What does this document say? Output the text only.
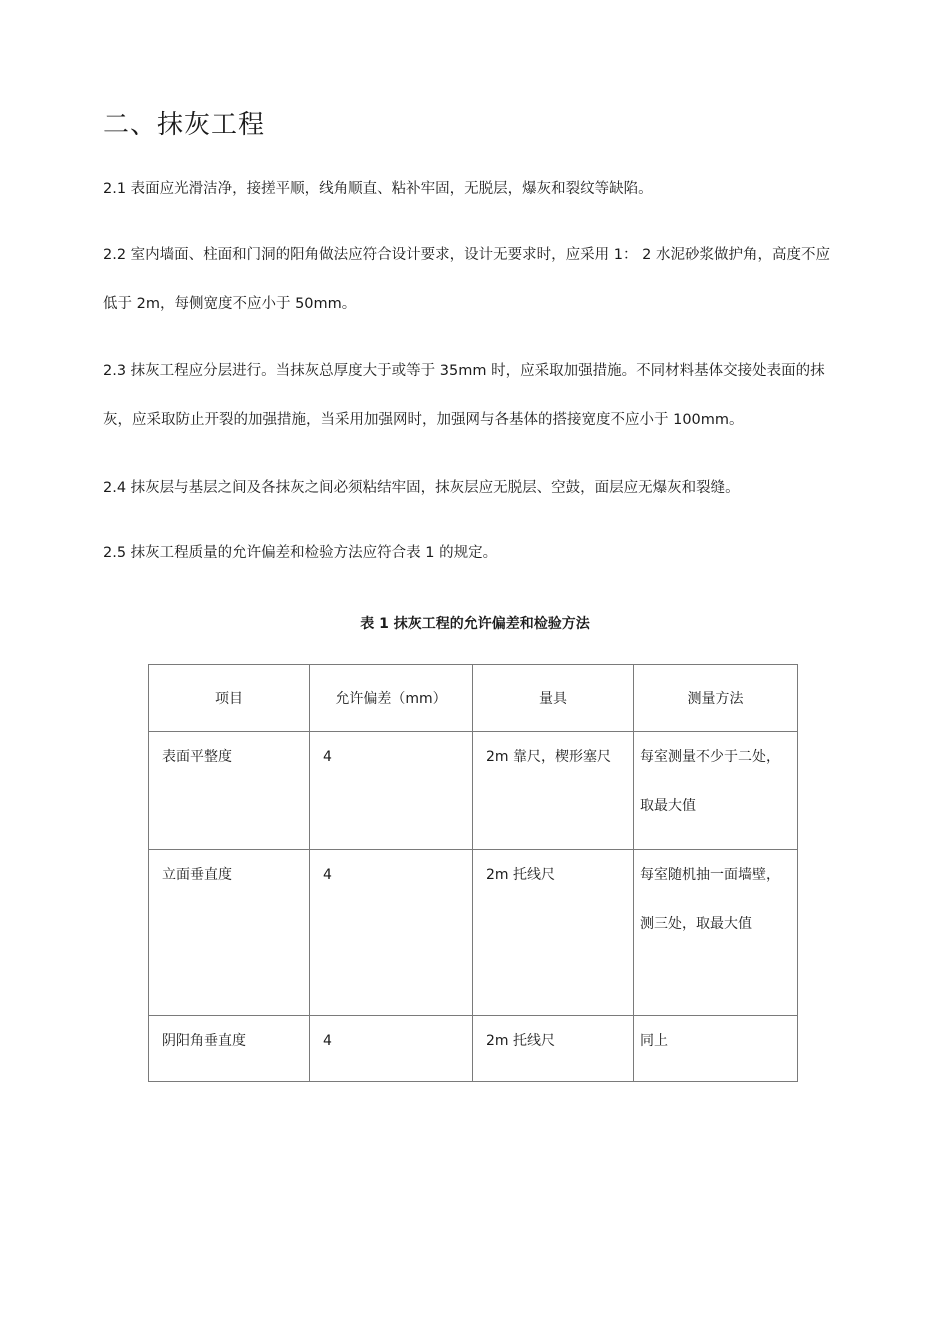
二、抹灰工程

2.1 表面应光滑洁净，接搓平顺，线角顺直、粘补牢固，无脱层，爆灰和裂纹等缺陷。

2.2 室内墙面、柱面和门洞的阳角做法应符合设计要求，设计无要求时，应采用 1： 2 水泥砂浆做护角，高度不应低于 2m，每侧宽度不应小于 50mm。

2.3 抹灰工程应分层进行。当抹灰总厚度大于或等于 35mm 时，应采取加强措施。不同材料基体交接处表面的抹灰，应采取防止开裂的加强措施，当采用加强网时，加强网与各基体的搭接宽度不应小于 100mm。

2.4 抹灰层与基层之间及各抹灰之间必须粘结牢固，抹灰层应无脱层、空鼓，面层应无爆灰和裂缝。

2.5 抹灰工程质量的允许偏差和检验方法应符合表 1 的规定。

表 1 抹灰工程的允许偏差和检验方法

项目	允许偏差（mm）	量具	测量方法

表面平整度	4	2m 靠尺，楔形塞尺	每室测量不少于二处，取最大值

立面垂直度	4	2m 托线尺	每室随机抽一面墙壁，测三处，取最大值

阴阳角垂直度	4	2m 托线尺	同上
